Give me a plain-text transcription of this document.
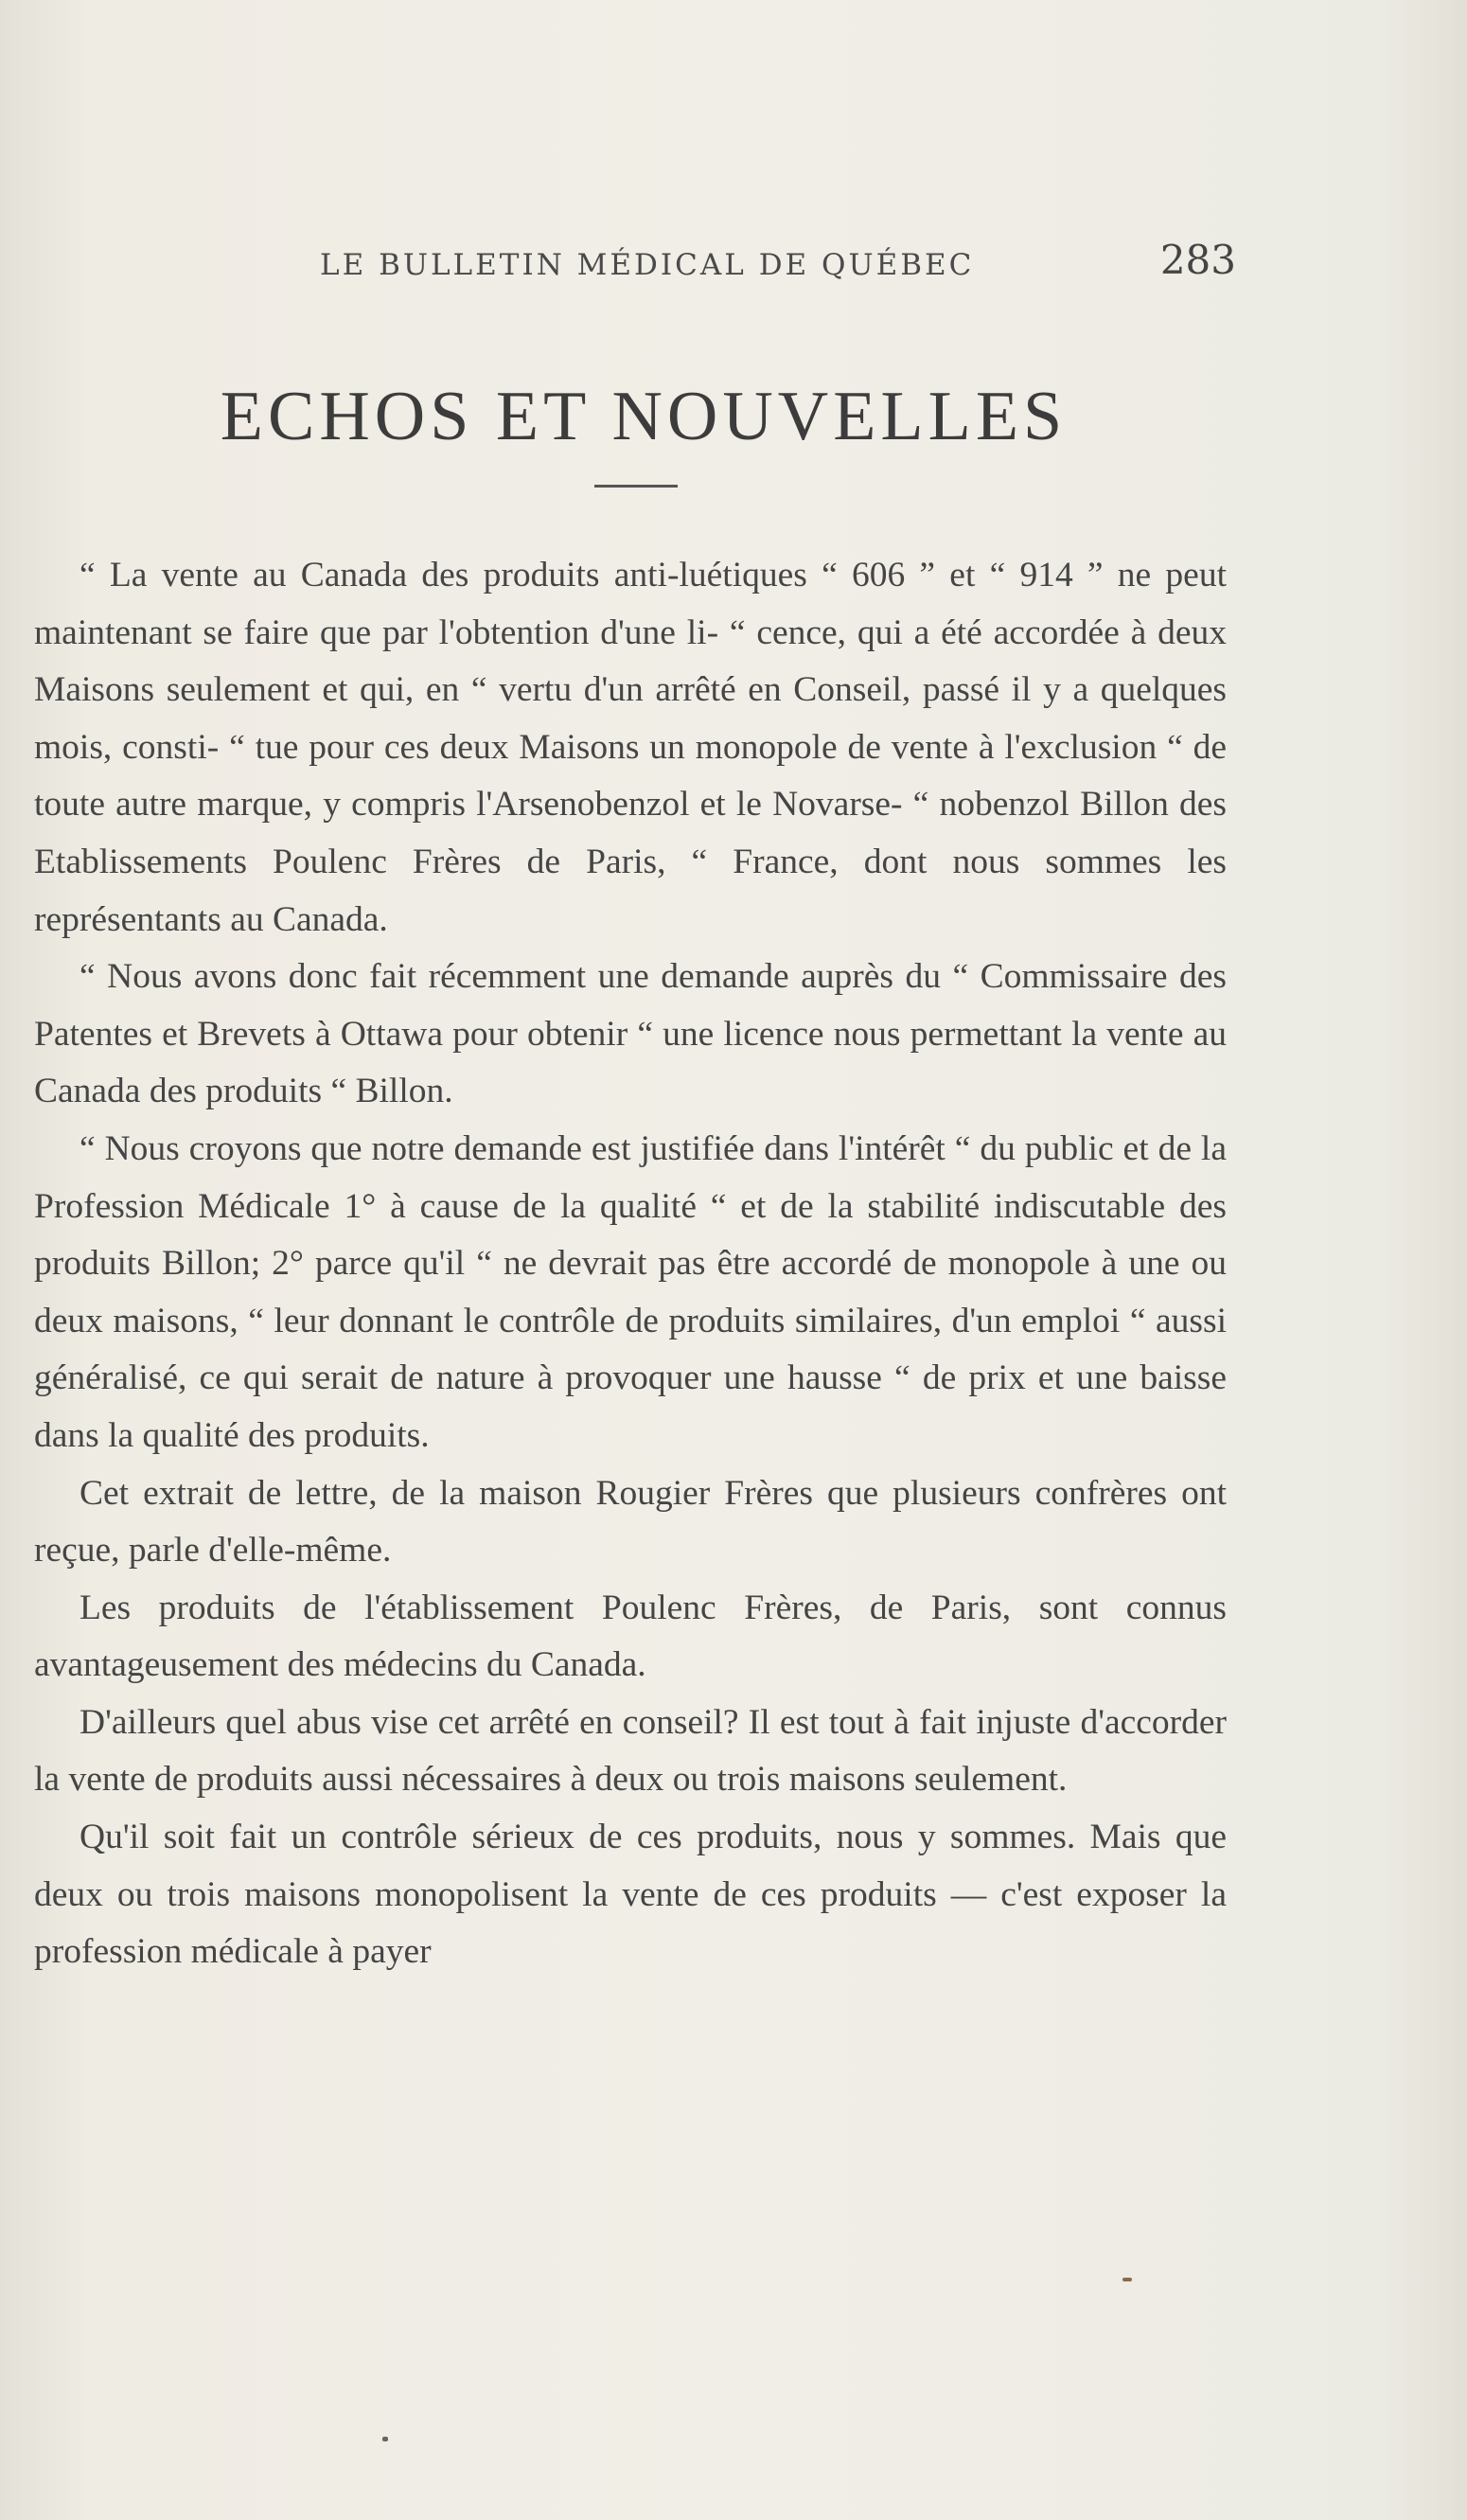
LE BULLETIN MÉDICAL DE QUÉBEC	283
ECHOS ET NOUVELLES

“ La vente au Canada des produits anti-luétiques “ 606 ” et “ 914 ” ne peut maintenant se faire que par l'obtention d'une li- “ cence, qui a été accordée à deux Maisons seulement et qui, en “ vertu d'un arrêté en Conseil, passé il y a quelques mois, consti- “ tue pour ces deux Maisons un monopole de vente à l'exclusion “ de toute autre marque, y compris l'Arsenobenzol et le Novarse- “ nobenzol Billon des Etablissements Poulenc Frères de Paris, “ France, dont nous sommes les représentants au Canada.

“ Nous avons donc fait récemment une demande auprès du “ Commissaire des Patentes et Brevets à Ottawa pour obtenir “ une licence nous permettant la vente au Canada des produits “ Billon.

“ Nous croyons que notre demande est justifiée dans l'intérêt “ du public et de la Profession Médicale 1° à cause de la qualité “ et de la stabilité indiscutable des produits Billon; 2° parce qu'il “ ne devrait pas être accordé de monopole à une ou deux maisons, “ leur donnant le contrôle de produits similaires, d'un emploi “ aussi généralisé, ce qui serait de nature à provoquer une hausse “ de prix et une baisse dans la qualité des produits.

Cet extrait de lettre, de la maison Rougier Frères que plusieurs confrères ont reçue, parle d'elle-même.

Les produits de l'établissement Poulenc Frères, de Paris, sont connus avantageusement des médecins du Canada.

D'ailleurs quel abus vise cet arrêté en conseil? Il est tout à fait injuste d'accorder la vente de produits aussi nécessaires à deux ou trois maisons seulement.

Qu'il soit fait un contrôle sérieux de ces produits, nous y sommes. Mais que deux ou trois maisons monopolisent la vente de ces produits — c'est exposer la profession médicale à payer
